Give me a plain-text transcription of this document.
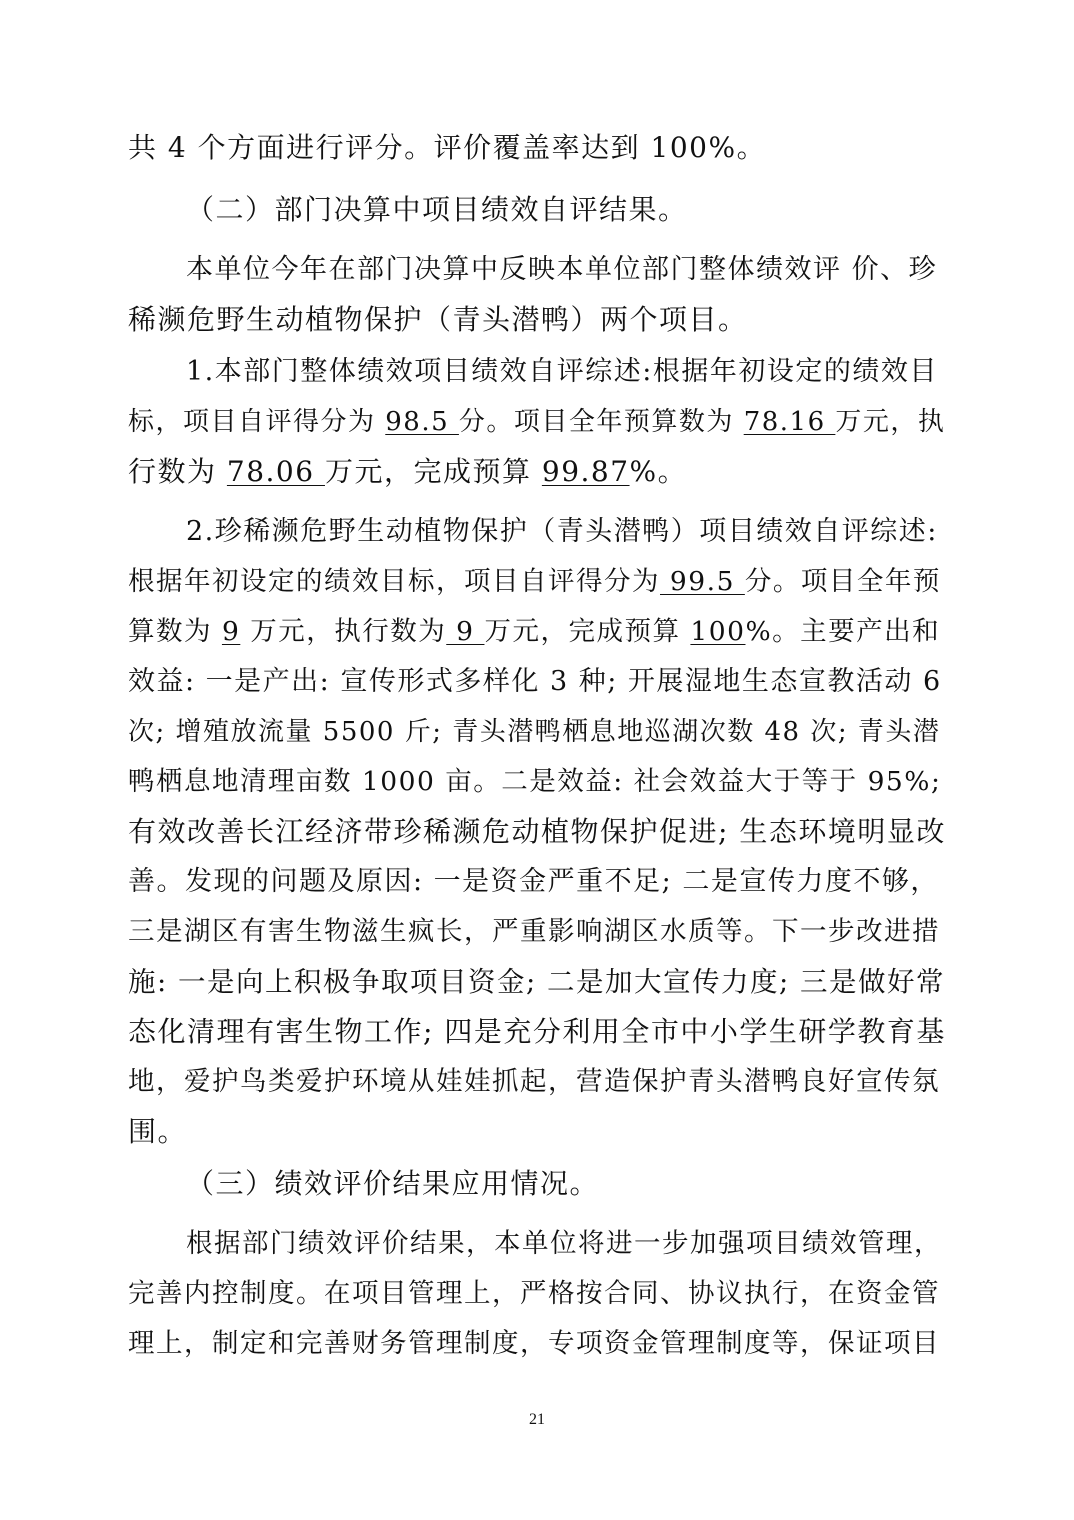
共 4 个方面进行评分。评价覆盖率达到 100%。
（二）部门决算中项目绩效自评结果。
本单位今年在部门决算中反映本单位部门整体绩效评 价、珍
稀濒危野生动植物保护（青头潜鸭）两个项目。
1.本部门整体绩效项目绩效自评综述:根据年初设定的绩效目
标，项目自评得分为 98.5 分。项目全年预算数为 78.16 万元，执
行数为 78.06 万元，完成预算 99.87%。
2.珍稀濒危野生动植物保护（青头潜鸭）项目绩效自评综述:
根据年初设定的绩效目标，项目自评得分为 99.5 分。项目全年预
算数为 9 万元，执行数为 9 万元，完成预算 100%。主要产出和
效益: 一是产出: 宣传形式多样化 3 种; 开展湿地生态宣教活动 6
次; 增殖放流量 5500 斤; 青头潜鸭栖息地巡湖次数 48 次; 青头潜
鸭栖息地清理亩数 1000 亩。二是效益: 社会效益大于等于 95%;
有效改善长江经济带珍稀濒危动植物保护促进; 生态环境明显改
善。发现的问题及原因: 一是资金严重不足; 二是宣传力度不够，
三是湖区有害生物滋生疯长，严重影响湖区水质等。下一步改进措
施: 一是向上积极争取项目资金; 二是加大宣传力度; 三是做好常
态化清理有害生物工作; 四是充分利用全市中小学生研学教育基
地，爱护鸟类爱护环境从娃娃抓起，营造保护青头潜鸭良好宣传氛
围。
（三）绩效评价结果应用情况。
根据部门绩效评价结果，本单位将进一步加强项目绩效管理，
完善内控制度。在项目管理上，严格按合同、协议执行，在资金管
理上，制定和完善财务管理制度，专项资金管理制度等，保证项目
21
